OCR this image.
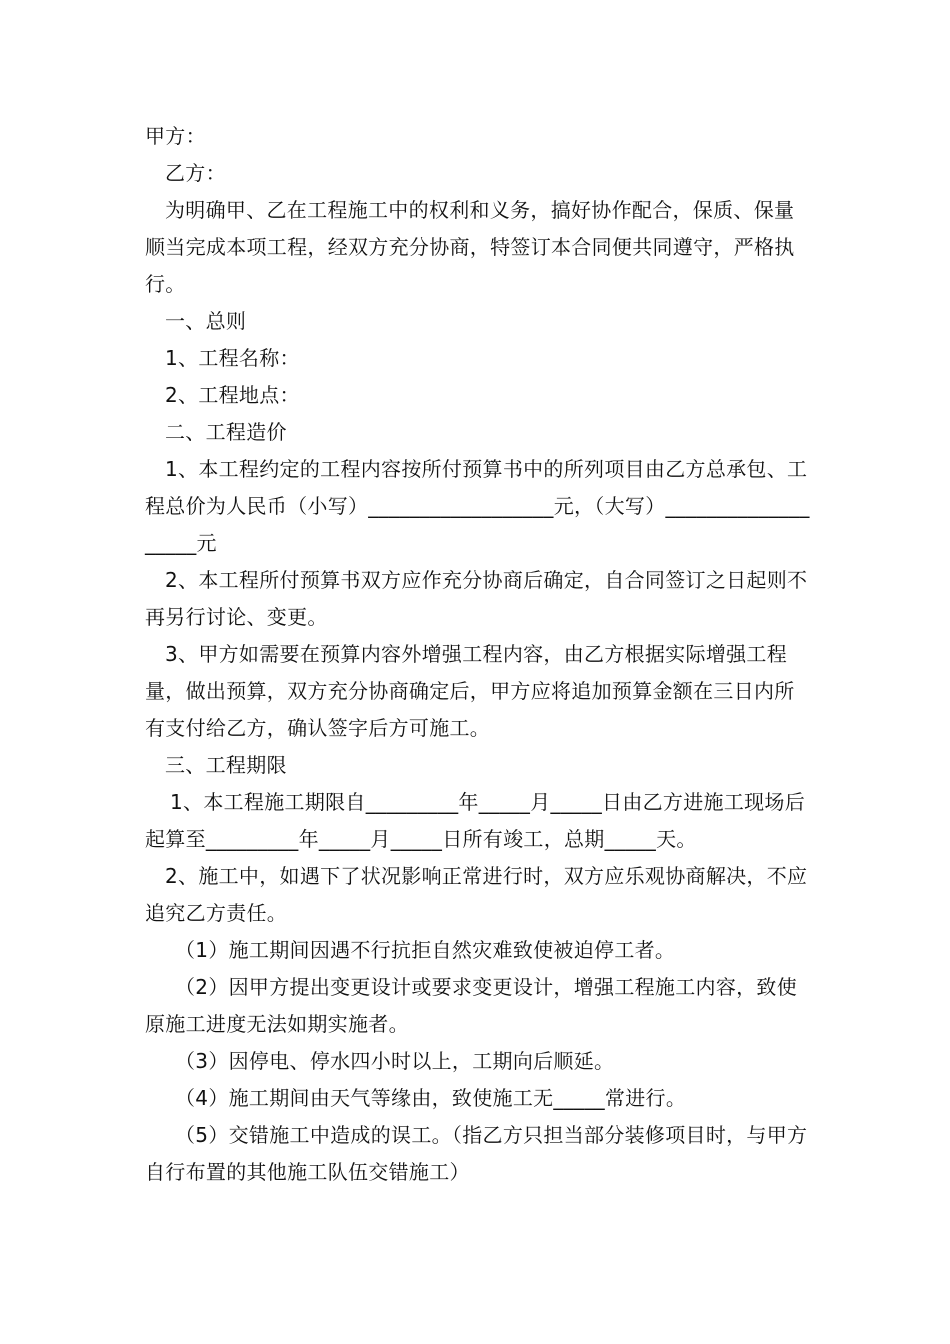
甲方：

乙方：

为明确甲、乙在工程施工中的权利和义务，搞好协作配合，保质、保量顺当完成本项工程，经双方充分协商，特签订本合同便共同遵守，严格执行。

一、总则

1、工程名称：

2、工程地点：

二、工程造价

1、本工程约定的工程内容按所付预算书中的所列项目由乙方总承包、工程总价为人民币（小写）__________________元，（大写）___________________元

2、本工程所付预算书双方应作充分协商后确定，自合同签订之日起则不再另行讨论、变更。

3、甲方如需要在预算内容外增强工程内容，由乙方根据实际增强工程量，做出预算，双方充分协商确定后，甲方应将追加预算金额在三日内所有支付给乙方，确认签字后方可施工。

三、工程期限

1、本工程施工期限自_________年_____月_____日由乙方进施工现场后起算至_________年_____月_____日所有竣工，总期_____天。

2、施工中，如遇下了状况影响正常进行时，双方应乐观协商解决，不应追究乙方责任。

（1）施工期间因遇不行抗拒自然灾难致使被迫停工者。

（2）因甲方提出变更设计或要求变更设计，增强工程施工内容，致使原施工进度无法如期实施者。

（3）因停电、停水四小时以上，工期向后顺延。

（4）施工期间由天气等缘由，致使施工无_____常进行。

（5）交错施工中造成的误工。（指乙方只担当部分装修项目时，与甲方自行布置的其他施工队伍交错施工）
